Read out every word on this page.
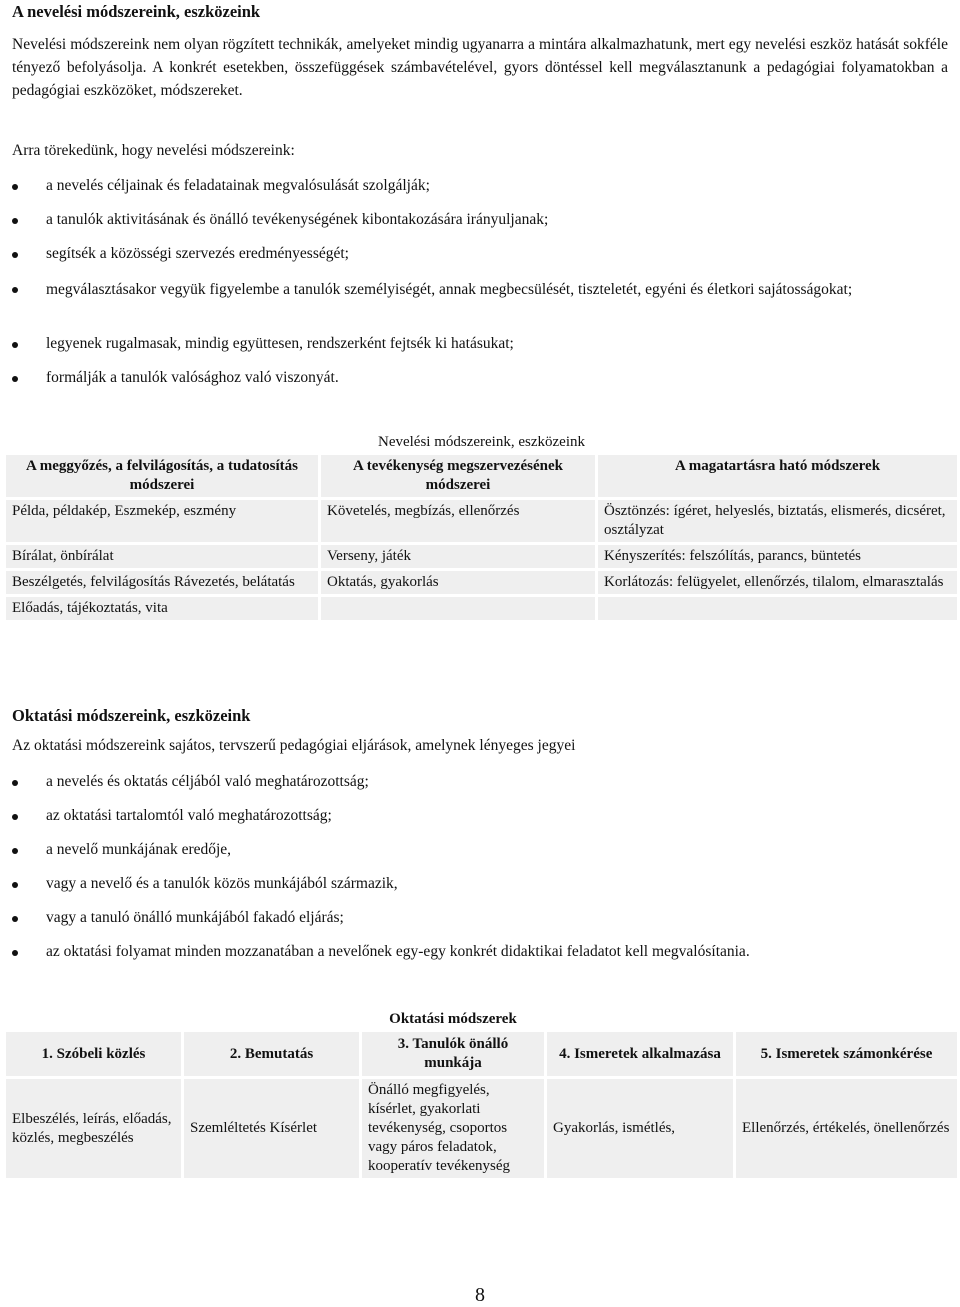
A nevelési módszereink, eszközeink
Nevelési módszereink nem olyan rögzített technikák, amelyeket mindig ugyanarra a mintára alkalmazhatunk, mert egy nevelési eszköz hatását sokféle tényező befolyásolja. A konkrét esetekben, összefüggések számbavételével, gyors döntéssel kell megválasztanunk a pedagógiai folyamatokban a pedagógiai eszközöket, módszereket.
Arra törekedünk, hogy nevelési módszereink:
a nevelés céljainak és feladatainak megvalósulását szolgálják;
a tanulók aktivitásának és önálló tevékenységének kibontakozására irányuljanak;
segítsék a közösségi szervezés eredményességét;
megválasztásakor vegyük figyelembe a tanulók személyiségét, annak megbecsülését, tiszteletét, egyéni és életkori sajátosságokat;
legyenek rugalmasak, mindig együttesen, rendszerként fejtsék ki hatásukat;
formálják a tanulók valósághoz való viszonyát.
Nevelési módszereink, eszközeink		
A meggyőzés, a felvilágosítás, a tudatosítás módszerei	A tevékenység megszervezésének módszerei	A magatartásra ható módszerek
Példa, példakép, Eszmekép, eszmény	Követelés, megbízás, ellenőrzés	Ösztönzés: ígéret, helyeslés, biztatás, elismerés, dicséret, osztályzat
Bírálat, önbírálat	Verseny, játék	Kényszerítés: felszólítás, parancs, büntetés
Beszélgetés, felvilágosítás Rávezetés, belátatás	Oktatás, gyakorlás	Korlátozás: felügyelet, ellenőrzés, tilalom, elmarasztalás
Előadás, tájékoztatás, vita		
Oktatási módszereink, eszközeink
Az oktatási módszereink sajátos, tervszerű pedagógiai eljárások, amelynek lényeges jegyei
a nevelés és oktatás céljából való meghatározottság;
az oktatási tartalomtól való meghatározottság;
a nevelő munkájának eredője,
vagy a nevelő és a tanulók közös munkájából származik,
vagy a tanuló önálló munkájából fakadó eljárás;
az oktatási folyamat minden mozzanatában a nevelőnek egy-egy konkrét didaktikai feladatot kell megvalósítania.
		Oktatási módszerek		
1. Szóbeli közlés	2. Bemutatás	3. Tanulók önálló munkája	4. Ismeretek alkalmazása	5. Ismeretek számonkérése
Elbeszélés, leírás, előadás, közlés, megbeszélés	Szemléltetés Kísérlet	Önálló megfigyelés, kísérlet, gyakorlati tevékenység, csoportos vagy páros feladatok, kooperatív tevékenység	Gyakorlás, ismétlés,	Ellenőrzés, értékelés, önellenőrzés
8
